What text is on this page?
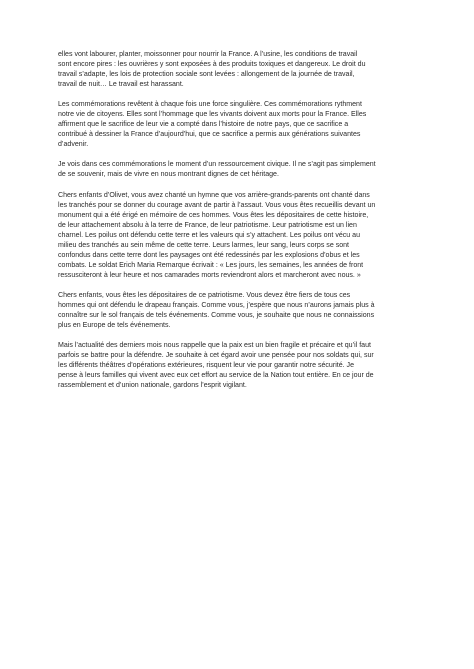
elles vont labourer, planter, moissonner pour nourrir la France. A l’usine, les conditions de travail
sont encore pires : les ouvrières y sont exposées à des produits toxiques et dangereux. Le droit du
travail s’adapte, les lois de protection sociale sont levées : allongement de la journée de travail,
travail de nuit… Le travail est harassant.

Les commémorations revêtent à chaque fois une force singulière. Ces commémorations rythment
notre vie de citoyens. Elles sont l’hommage que les vivants doivent aux morts pour la France. Elles
affirment que le sacrifice de leur vie a compté dans l’histoire de notre pays, que ce sacrifice a
contribué à dessiner la France d’aujourd’hui, que ce sacrifice a permis aux générations suivantes
d’advenir.

Je vois dans ces commémorations le moment d’un ressourcement civique. Il ne s’agit pas simplement
de se souvenir, mais de vivre en nous montrant dignes de cet héritage.

Chers enfants d’Olivet, vous avez chanté un hymne que vos arrière-grands-parents ont chanté dans
les tranchés pour se donner du courage avant de partir à l’assaut. Vous vous êtes recueillis devant un
monument qui a été érigé en mémoire de ces hommes. Vous êtes les dépositaires de cette histoire,
de leur attachement absolu à la terre de France, de leur patriotisme. Leur patriotisme est un lien
charnel. Les poilus ont défendu cette terre et les valeurs qui s’y attachent. Les poilus ont vécu au
milieu des tranchés au sein même de cette terre. Leurs larmes, leur sang, leurs corps se sont
confondus dans cette terre dont les paysages ont été redessinés par les explosions d’obus et les
combats. Le soldat Erich Maria Remarque écrivait : « Les jours, les semaines, les années de front
ressusciteront à leur heure et nos camarades morts reviendront alors et marcheront avec nous. »

Chers enfants, vous êtes les dépositaires de ce patriotisme. Vous devez être fiers de tous ces
hommes qui ont défendu le drapeau français. Comme vous, j’espère que nous n’aurons jamais plus à
connaître sur le sol français de tels événements. Comme vous, je souhaite que nous ne connaissions
plus en Europe de tels événements.

Mais l’actualité des derniers mois nous rappelle que la paix est un bien fragile et précaire et qu’il faut
parfois se battre pour la défendre. Je souhaite à cet égard avoir une pensée pour nos soldats qui, sur
les différents théâtres d’opérations extérieures, risquent leur vie pour garantir notre sécurité. Je
pense à leurs familles qui vivent avec eux cet effort au service de la Nation tout entière. En ce jour de
rassemblement et d’union nationale, gardons l’esprit vigilant.
